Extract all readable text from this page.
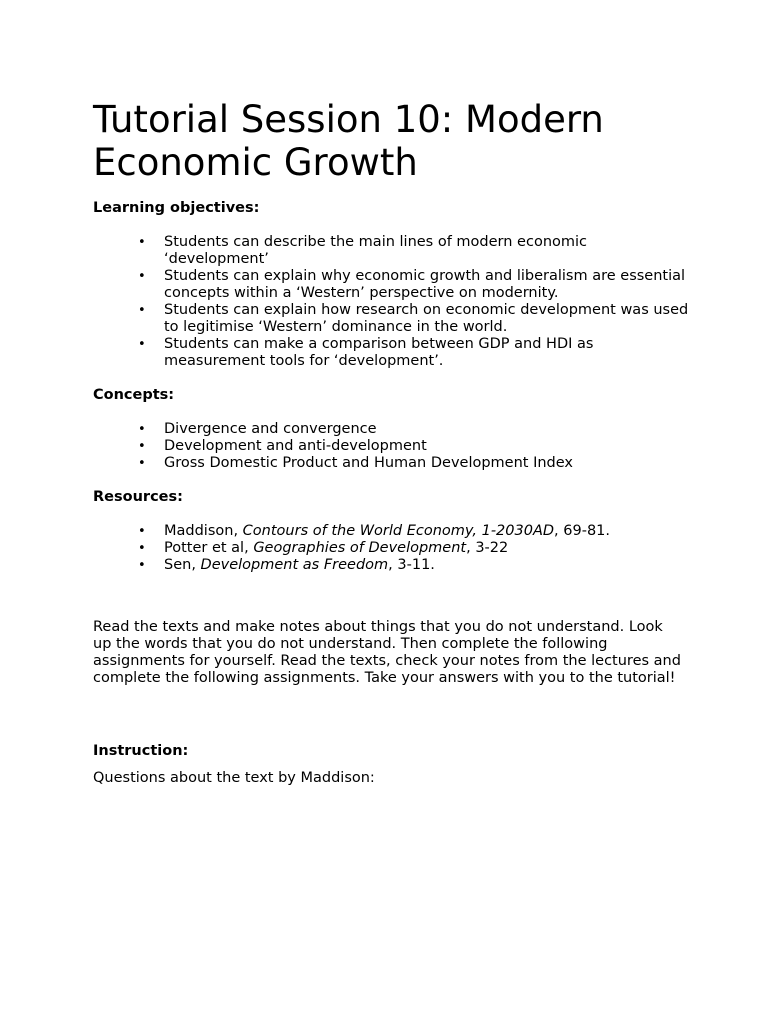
Tutorial Session 10: Modern Economic Growth
Learning objectives:
• Students can describe the main lines of modern economic ‘development’
• Students can explain why economic growth and liberalism are essential concepts within a ‘Western’ perspective on modernity.
• Students can explain how research on economic development was used to legitimise ‘Western’ dominance in the world.
• Students can make a comparison between GDP and HDI as measurement tools for ‘development’.
Concepts:
• Divergence and convergence
• Development and anti-development
• Gross Domestic Product and Human Development Index
Resources:
• Maddison, Contours of the World Economy, 1-2030AD, 69-81.
• Potter et al, Geographies of Development, 3-22
• Sen, Development as Freedom, 3-11.

Read the texts and make notes about things that you do not understand. Look up the words that you do not understand. Then complete the following assignments for yourself. Read the texts, check your notes from the lectures and complete the following assignments. Take your answers with you to the tutorial!

Instruction:

Questions about the text by Maddison:
